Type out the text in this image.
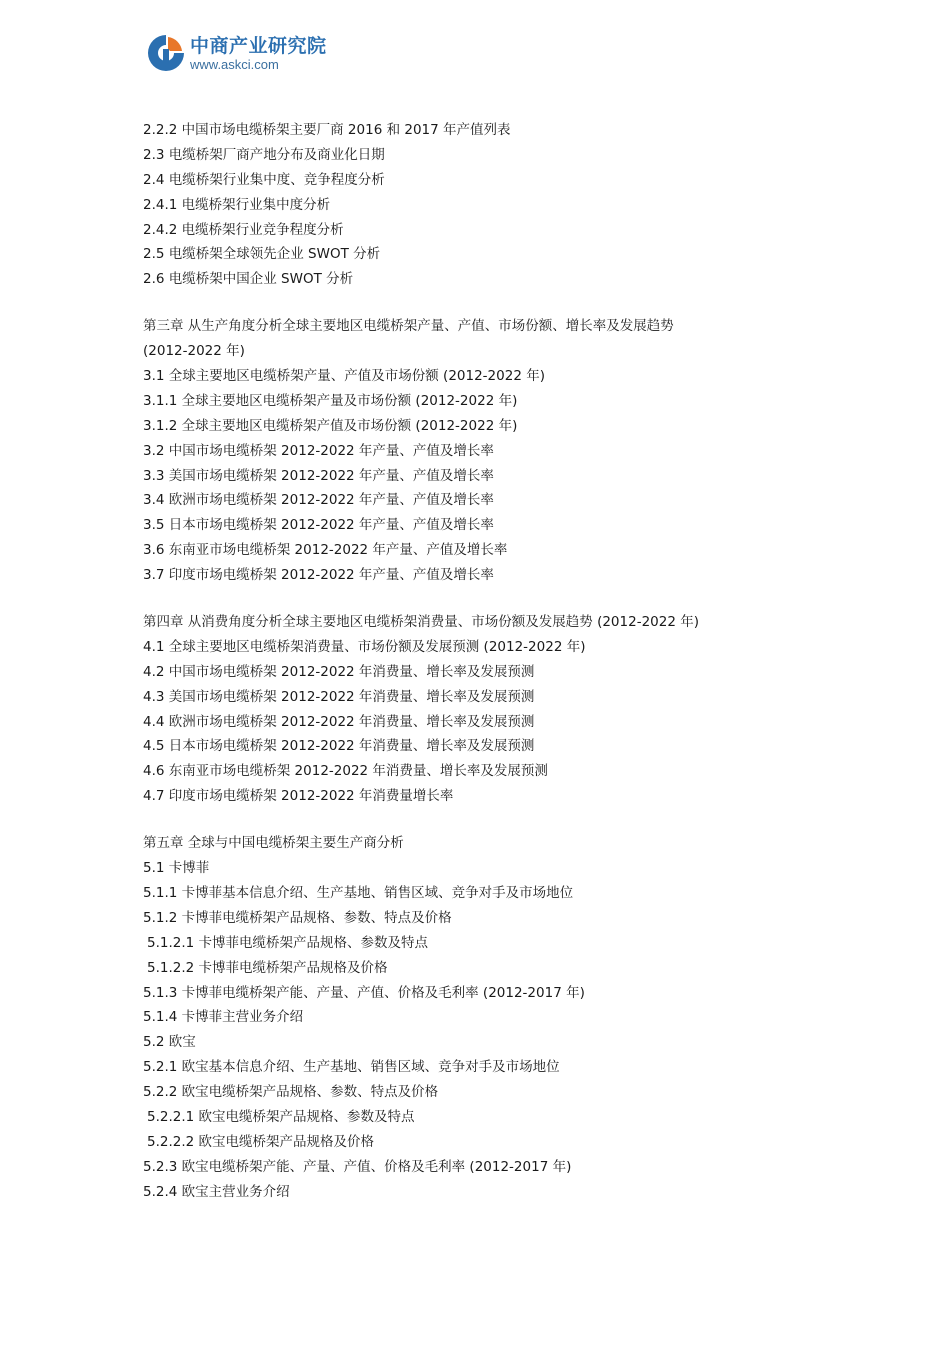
中商产业研究院
www.askci.com
2.2.2 中国市场电缆桥架主要厂商 2016 和 2017 年产值列表
2.3 电缆桥架厂商产地分布及商业化日期
2.4 电缆桥架行业集中度、竞争程度分析
2.4.1 电缆桥架行业集中度分析
2.4.2 电缆桥架行业竞争程度分析
2.5 电缆桥架全球领先企业 SWOT 分析
2.6 电缆桥架中国企业 SWOT 分析
第三章 从生产角度分析全球主要地区电缆桥架产量、产值、市场份额、增长率及发展趋势
(2012-2022 年)
3.1 全球主要地区电缆桥架产量、产值及市场份额 (2012-2022 年)
3.1.1 全球主要地区电缆桥架产量及市场份额 (2012-2022 年)
3.1.2 全球主要地区电缆桥架产值及市场份额 (2012-2022 年)
3.2 中国市场电缆桥架 2012-2022 年产量、产值及增长率
3.3 美国市场电缆桥架 2012-2022 年产量、产值及增长率
3.4 欧洲市场电缆桥架 2012-2022 年产量、产值及增长率
3.5 日本市场电缆桥架 2012-2022 年产量、产值及增长率
3.6 东南亚市场电缆桥架 2012-2022 年产量、产值及增长率
3.7 印度市场电缆桥架 2012-2022 年产量、产值及增长率
第四章 从消费角度分析全球主要地区电缆桥架消费量、市场份额及发展趋势 (2012-2022 年)
4.1 全球主要地区电缆桥架消费量、市场份额及发展预测 (2012-2022 年)
4.2 中国市场电缆桥架 2012-2022 年消费量、增长率及发展预测
4.3 美国市场电缆桥架 2012-2022 年消费量、增长率及发展预测
4.4 欧洲市场电缆桥架 2012-2022 年消费量、增长率及发展预测
4.5 日本市场电缆桥架 2012-2022 年消费量、增长率及发展预测
4.6 东南亚市场电缆桥架 2012-2022 年消费量、增长率及发展预测
4.7 印度市场电缆桥架 2012-2022 年消费量增长率
第五章 全球与中国电缆桥架主要生产商分析
5.1 卡博菲
5.1.1 卡博菲基本信息介绍、生产基地、销售区域、竞争对手及市场地位
5.1.2 卡博菲电缆桥架产品规格、参数、特点及价格
5.1.2.1 卡博菲电缆桥架产品规格、参数及特点
5.1.2.2 卡博菲电缆桥架产品规格及价格
5.1.3 卡博菲电缆桥架产能、产量、产值、价格及毛利率 (2012-2017 年)
5.1.4 卡博菲主营业务介绍
5.2 欧宝
5.2.1 欧宝基本信息介绍、生产基地、销售区域、竞争对手及市场地位
5.2.2 欧宝电缆桥架产品规格、参数、特点及价格
5.2.2.1 欧宝电缆桥架产品规格、参数及特点
5.2.2.2 欧宝电缆桥架产品规格及价格
5.2.3 欧宝电缆桥架产能、产量、产值、价格及毛利率 (2012-2017 年)
5.2.4 欧宝主营业务介绍
